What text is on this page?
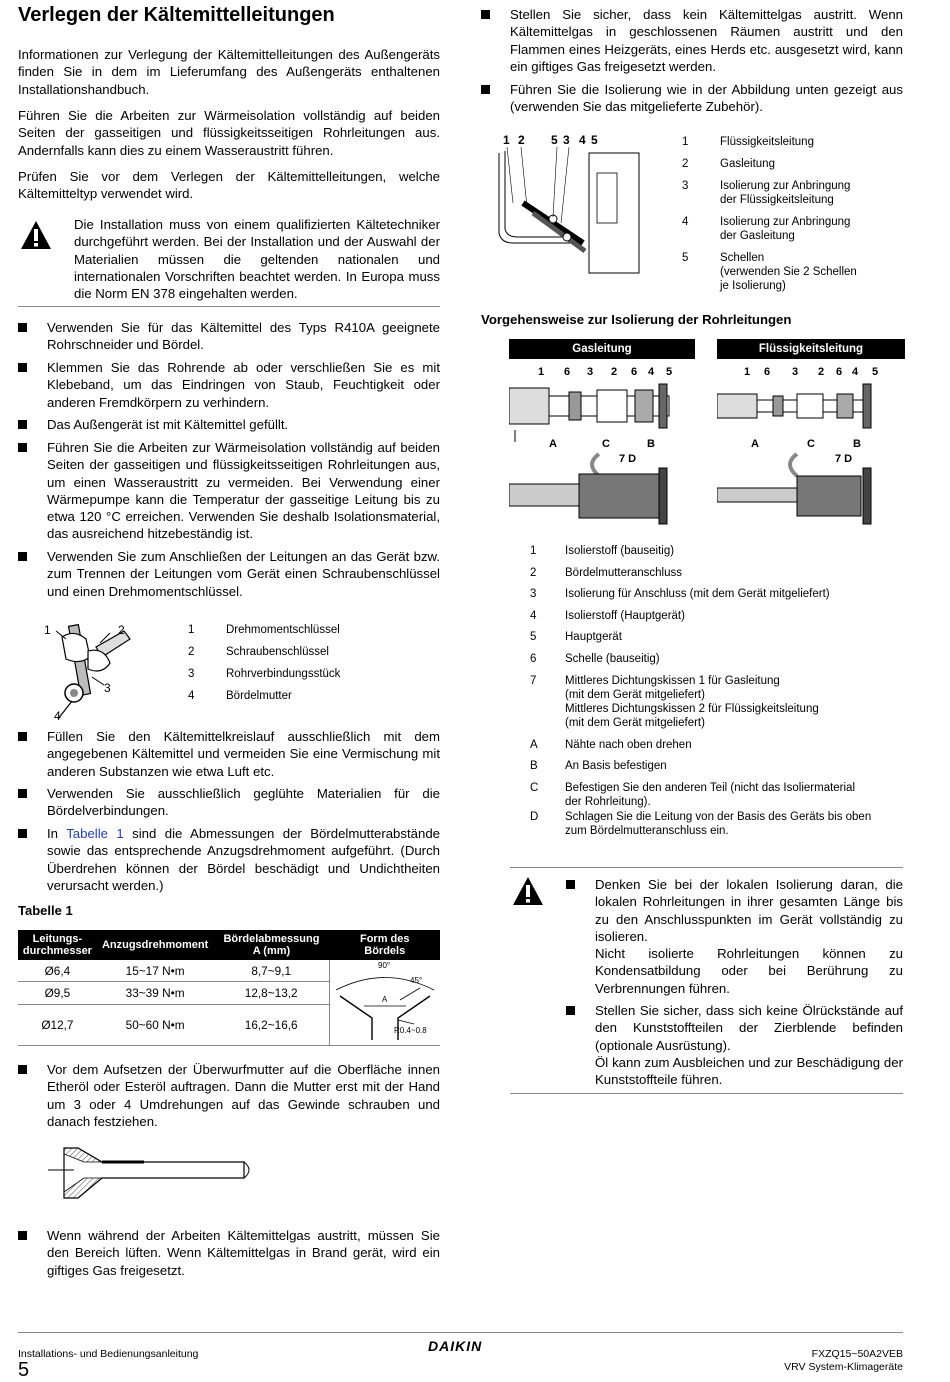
Verlegen der Kältemittelleitungen

Informationen zur Verlegung der Kältemittelleitungen des Außengeräts finden Sie in dem im Lieferumfang des Außengeräts enthaltenen Installationshandbuch.

Führen Sie die Arbeiten zur Wärmeisolation vollständig auf beiden Seiten der gasseitigen und flüssigkeitsseitigen Rohrleitungen aus. Andernfalls kann dies zu einem Wasseraustritt führen.

Prüfen Sie vor dem Verlegen der Kältemittelleitungen, welche Kältemitteltyp verwendet wird.

Die Installation muss von einem qualifizierten Kältetechniker durchgeführt werden. Bei der Installation und der Auswahl der Materialien müssen die geltenden nationalen und internationalen Vorschriften beachtet werden. In Europa muss die Norm EN 378 eingehalten werden.
Verwenden Sie für das Kältemittel des Typs R410A geeignete Rohrschneider und Bördel.
Klemmen Sie das Rohrende ab oder verschließen Sie es mit Klebeband, um das Eindringen von Staub, Feuchtigkeit oder anderen Fremdkörpern zu verhindern.
Das Außengerät ist mit Kältemittel gefüllt.
Führen Sie die Arbeiten zur Wärmeisolation vollständig auf beiden Seiten der gasseitigen und flüssigkeitsseitigen Rohrleitungen aus, um einen Wasseraustritt zu vermeiden. Bei Verwendung einer Wärmepumpe kann die Temperatur der gasseitige Leitung bis zu etwa 120 °C erreichen. Verwenden Sie deshalb Isolationsmaterial, das ausreichend hitzebeständig ist.
Verwenden Sie zum Anschließen der Leitungen an das Gerät bzw. zum Trennen der Leitungen vom Gerät einen Schraubenschlüssel und einen Drehmomentschlüssel.
1	2
3
4
1	Drehmomentschlüssel
2	Schraubenschlüssel
3	Rohrverbindungsstück
4	Bördelmutter
Füllen Sie den Kältemittelkreislauf ausschließlich mit dem angegebenen Kältemittel und vermeiden Sie eine Vermischung mit anderen Substanzen wie etwa Luft etc.
Verwenden Sie ausschließlich geglühte Materialien für die Bördelverbindungen.
In Tabelle 1 sind die Abmessungen der Bördelmutterabstände sowie das entsprechende Anzugsdrehmoment aufgeführt. (Durch Überdrehen können der Bördel beschädigt und Undichtheiten verursacht werden.)
Tabelle 1
Leitungs-
durchmesser	Anzugsdrehmoment	Bördelabmessung
A (mm)	Form des
Bördels
Ø6,4	15~17 N•m	8,7~9,1	90°
45°
A
R0.4~0.8

Ø9,5	33~39 N•m	12,8~13,2	
Ø12,7	50~60 N•m	16,2~16,6	
Vor dem Aufsetzen der Überwurfmutter auf die Oberfläche innen Etheröl oder Esteröl auftragen. Dann die Mutter erst mit der Hand um 3 oder 4 Umdrehungen auf das Gewinde schrauben und danach festziehen.
Wenn während der Arbeiten Kältemittelgas austritt, müssen Sie den Bereich lüften. Wenn Kältemittelgas in Brand gerät, wird ein giftiges Gas freigesetzt.
Stellen Sie sicher, dass kein Kältemittelgas austritt. Wenn Kältemittelgas in geschlossenen Räumen austritt und den Flammen eines Heizgeräts, eines Herds etc. ausgesetzt wird, kann ein giftiges Gas freigesetzt werden.
Führen Sie die Isolierung wie in der Abbildung unten gezeigt aus (verwenden Sie das mitgelieferte Zubehör).
1 2 5 3 4 5	1	Flüssigkeitsleitung
2	Gasleitung
3	Isolierung zur Anbringung
der Flüssigkeitsleitung
4	Isolierung zur Anbringung
der Gasleitung
5	Schellen
(verwenden Sie 2 Schellen
je Isolierung)
Vorgehensweise zur Isolierung der Rohrleitungen
Gasleitung	Flüssigkeitsleitung
1 6 3 2 6 4 5
A	C	B
7 D
1 6 3 2 6 4 5
A	C	B
7 D
1 Isolierstoff (bauseitig)
2 Bördelmutteranschluss
3 Isolierung für Anschluss (mit dem Gerät mitgeliefert)
4 Isolierstoff (Hauptgerät)
5 Hauptgerät
6 Schelle (bauseitig)
7 Mittleres Dichtungskissen 1 für Gasleitung
(mit dem Gerät mitgeliefert)
Mittleres Dichtungskissen 2 für Flüssigkeitsleitung
(mit dem Gerät mitgeliefert)
A Nähte nach oben drehen
B An Basis befestigen
C Befestigen Sie den anderen Teil (nicht das Isoliermaterial
der Rohrleitung).
D Schlagen Sie die Leitung von der Basis des Geräts bis oben
zum Bördelmutteranschluss ein.
Denken Sie bei der lokalen Isolierung daran, die lokalen Rohrleitungen in ihrer gesamten Länge bis zu den Anschlusspunkten im Gerät vollständig zu isolieren.
Nicht isolierte Rohrleitungen können zu Kondensatbildung oder bei Berührung zu Verbrennungen führen.
Stellen Sie sicher, dass sich keine Ölrückstände auf den Kunststoffteilen der Zierblende befinden (optionale Ausrüstung).
Öl kann zum Ausbleichen und zur Beschädigung der Kunststoffteile führen.
Installations- und Bedienungsanleitung
5
DAIKIN	FXZQ15~50A2VEB
VRV System-Klimageräte
